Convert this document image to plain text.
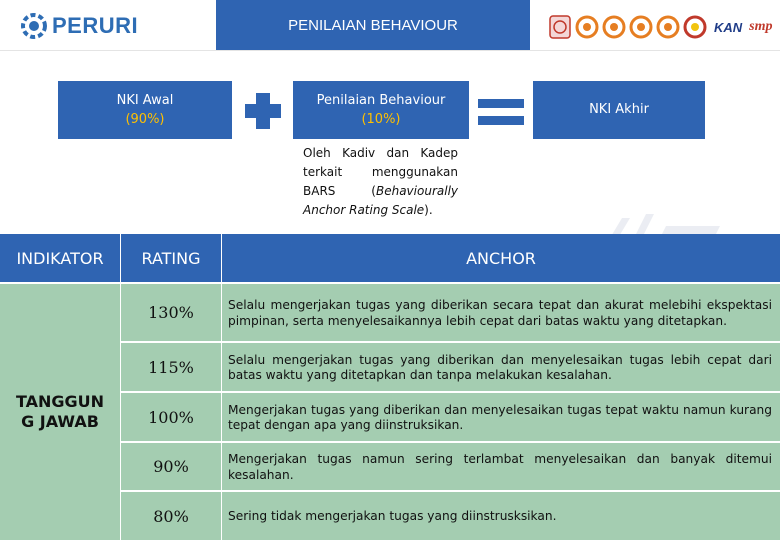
PERURI	PENILAIAN BEHAVIOUR	KAN smp
NKI Awal
(90%)
Penilaian Behaviour
(10%)
NKI Akhir
Oleh Kadiv dan Kadep terkait menggunakan BARS (Behaviourally Anchor Rating Scale).
INDIKATOR	RATING	ANCHOR
TANGGUN G JAWAB
130%	Selalu mengerjakan tugas yang diberikan secara tepat dan akurat melebihi ekspektasi pimpinan, serta menyelesaikannya lebih cepat dari batas waktu yang ditetapkan.
115%	Selalu mengerjakan tugas yang diberikan dan menyelesaikan tugas lebih cepat dari batas waktu yang ditetapkan dan tanpa melakukan kesalahan.
100%	Mengerjakan tugas yang diberikan dan menyelesaikan tugas tepat waktu namun kurang tepat dengan apa yang diinstruksikan.
90%	Mengerjakan tugas namun sering terlambat menyelesaikan dan banyak ditemui kesalahan.
80%	Sering tidak mengerjakan tugas yang diinstrusksikan.
